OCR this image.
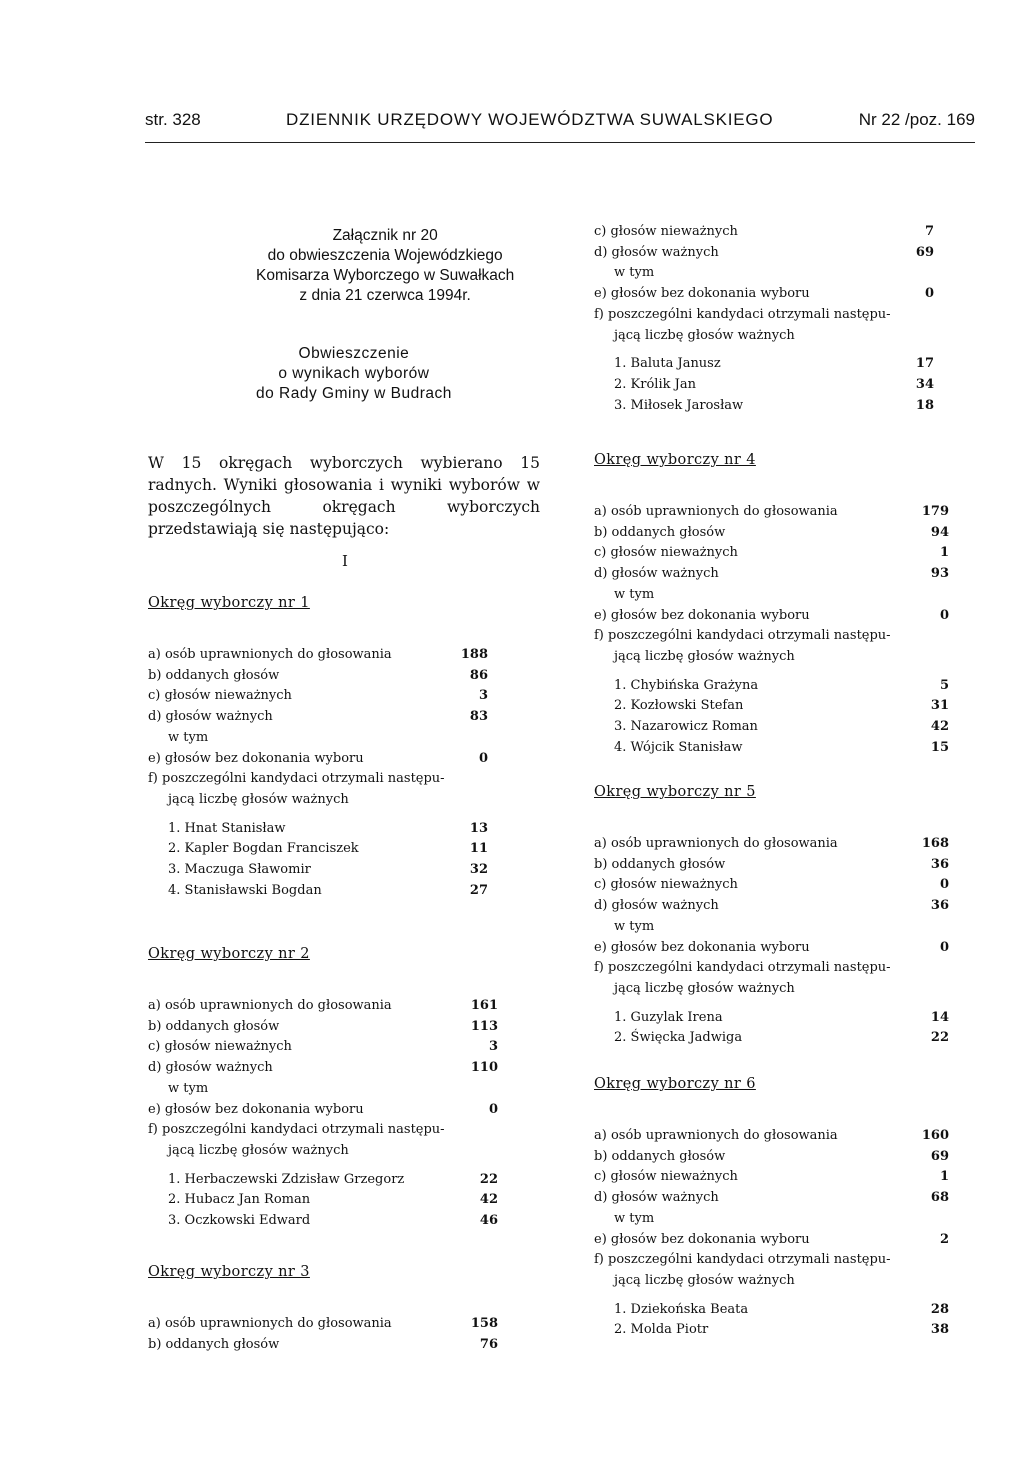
str. 328	DZIENNIK URZĘDOWY WOJEWÓDZTWA SUWALSKIEGO	Nr 22 /poz. 169
Załącznik nr 20
do obwieszczenia Wojewódzkiego
Komisarza Wyborczego w Suwałkach
z dnia 21 czerwca 1994r.
Obwieszczenie
o wynikach wyborów
do Rady Gminy w Budrach
c) głosów nieważnych	7
d) głosów ważnych	69
w tym
e) głosów bez dokonania wyboru	0
f) poszczególni kandydaci otrzymali następu-
jącą liczbę głosów ważnych
1. Baluta Janusz	17
2. Królik Jan	34
3. Miłosek Jarosław	18
W 15 okręgach wyborczych wybierano 15 radnych. Wyniki głosowania i wyniki wyborów w poszczególnych okręgach wyborczych przedstawiają się następująco:
I
Okręg wyborczy nr 1
a) osób uprawnionych do głosowania	188
b) oddanych głosów	86
c) głosów nieważnych	3
d) głosów ważnych	83
w tym
e) głosów bez dokonania wyboru	0
f) poszczególni kandydaci otrzymali następu-
jącą liczbę głosów ważnych
1. Hnat Stanisław	13
2. Kapler Bogdan Franciszek	11
3. Maczuga Sławomir	32
4. Stanisławski Bogdan	27
Okręg wyborczy nr 2
a) osób uprawnionych do głosowania	161
b) oddanych głosów	113
c) głosów nieważnych	3
d) głosów ważnych	110
w tym
e) głosów bez dokonania wyboru	0
f) poszczególni kandydaci otrzymali następu-
jącą liczbę głosów ważnych
1. Herbaczewski Zdzisław Grzegorz	22
2. Hubacz Jan Roman	42
3. Oczkowski Edward	46
Okręg wyborczy nr 3
a) osób uprawnionych do głosowania	158
b) oddanych głosów	76
Okręg wyborczy nr 4
a) osób uprawnionych do głosowania	179
b) oddanych głosów	94
c) głosów nieważnych	1
d) głosów ważnych	93
w tym
e) głosów bez dokonania wyboru	0
f) poszczególni kandydaci otrzymali następu-
jącą liczbę głosów ważnych
1. Chybińska Grażyna	5
2. Kozłowski Stefan	31
3. Nazarowicz Roman	42
4. Wójcik Stanisław	15
Okręg wyborczy nr 5
a) osób uprawnionych do głosowania	168
b) oddanych głosów	36
c) głosów nieważnych	0
d) głosów ważnych	36
w tym
e) głosów bez dokonania wyboru	0
f) poszczególni kandydaci otrzymali następu-
jącą liczbę głosów ważnych
1. Guzylak Irena	14
2. Święcka Jadwiga	22
Okręg wyborczy nr 6
a) osób uprawnionych do głosowania	160
b) oddanych głosów	69
c) głosów nieważnych	1
d) głosów ważnych	68
w tym
e) głosów bez dokonania wyboru	2
f) poszczególni kandydaci otrzymali następu-
jącą liczbę głosów ważnych
1. Dziekońska Beata	28
2. Molda Piotr	38
